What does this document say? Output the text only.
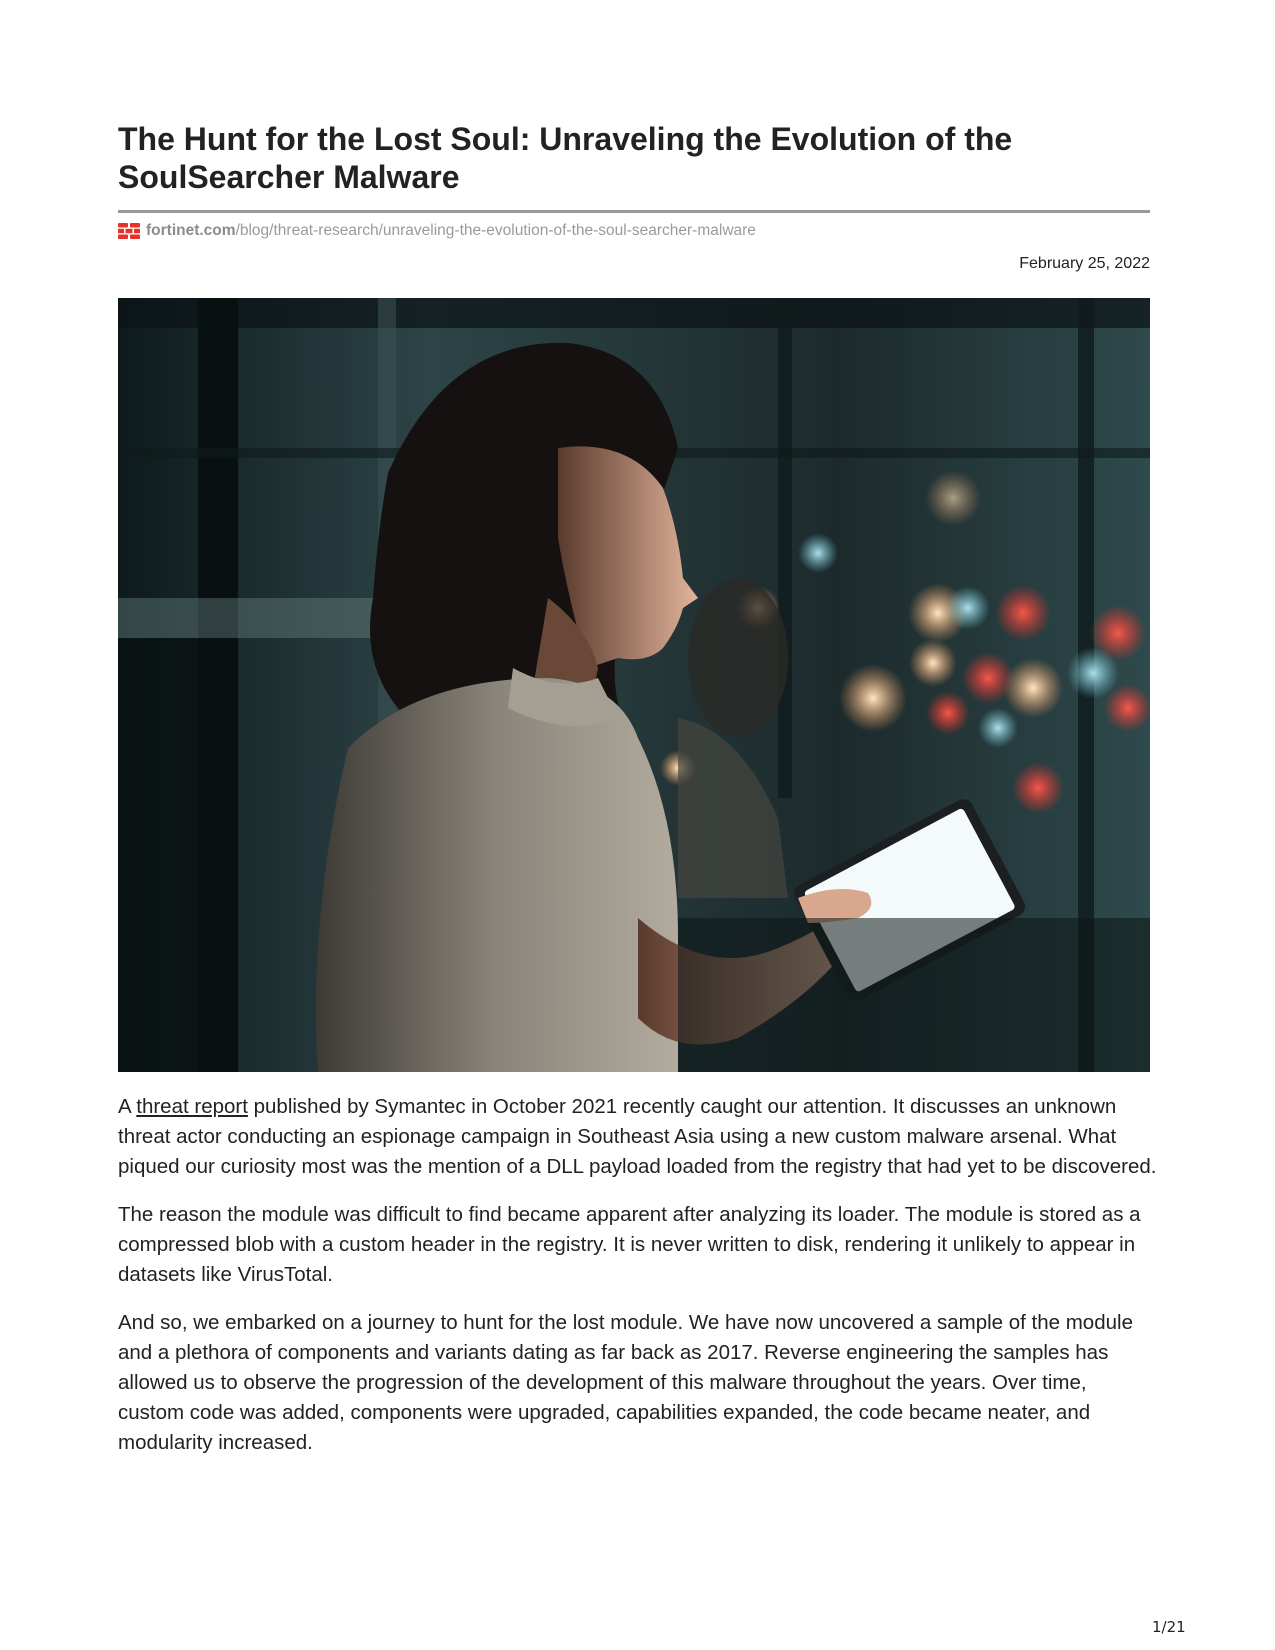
The Hunt for the Lost Soul: Unraveling the Evolution of the SoulSearcher Malware
fortinet.com /blog/threat-research/unraveling-the-evolution-of-the-soul-searcher-malware
February 25, 2022

A threat report published by Symantec in October 2021 recently caught our attention. It discusses an unknown threat actor conducting an espionage campaign in Southeast Asia using a new custom malware arsenal. What piqued our curiosity most was the mention of a DLL payload loaded from the registry that had yet to be discovered.

The reason the module was difficult to find became apparent after analyzing its loader. The module is stored as a compressed blob with a custom header in the registry. It is never written to disk, rendering it unlikely to appear in datasets like VirusTotal.

And so, we embarked on a journey to hunt for the lost module. We have now uncovered a sample of the module and a plethora of components and variants dating as far back as 2017. Reverse engineering the samples has allowed us to observe the progression of the development of this malware throughout the years. Over time, custom code was added, components were upgraded, capabilities expanded, the code became neater, and modularity increased.

1/21
